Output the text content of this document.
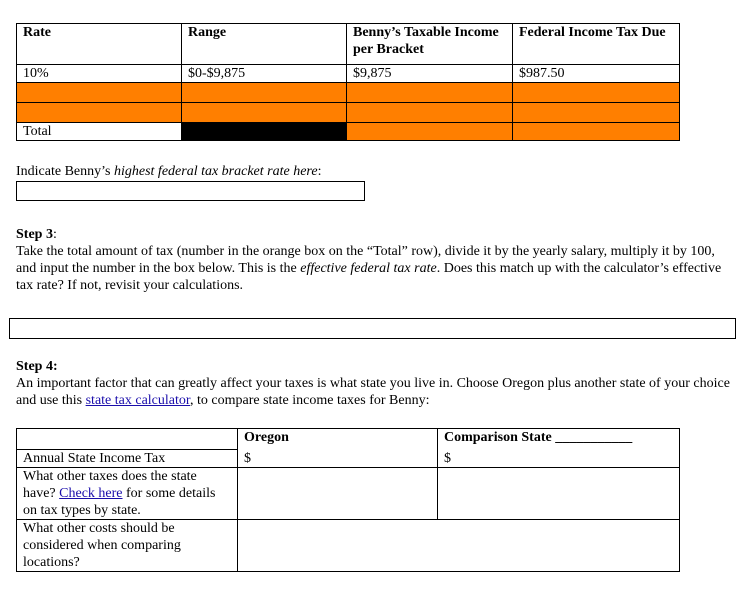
Rate	Range	Benny’s Taxable Income per Bracket	Federal Income Tax Due
10%	$0-$9,875	$9,875	$987.50

Total			
Indicate Benny’s highest federal tax bracket rate here:
Step 3:
Take the total amount of tax (number in the orange box on the “Total” row), divide it by the yearly salary, multiply it by 100, and input the number in the box below. This is the effective federal tax rate. Does this match up with the calculator’s effective tax rate? If not, revisit your calculations.
Step 4:
An important factor that can greatly affect your taxes is what state you live in. Choose Oregon plus another state of your choice and use this state tax calculator, to compare state income taxes for Benny:
	Oregon	Comparison State ___________
Annual State Income Tax	$	$
What other taxes does the state have? Check here for some details on tax types by state.		
What other costs should be considered when comparing locations?		
